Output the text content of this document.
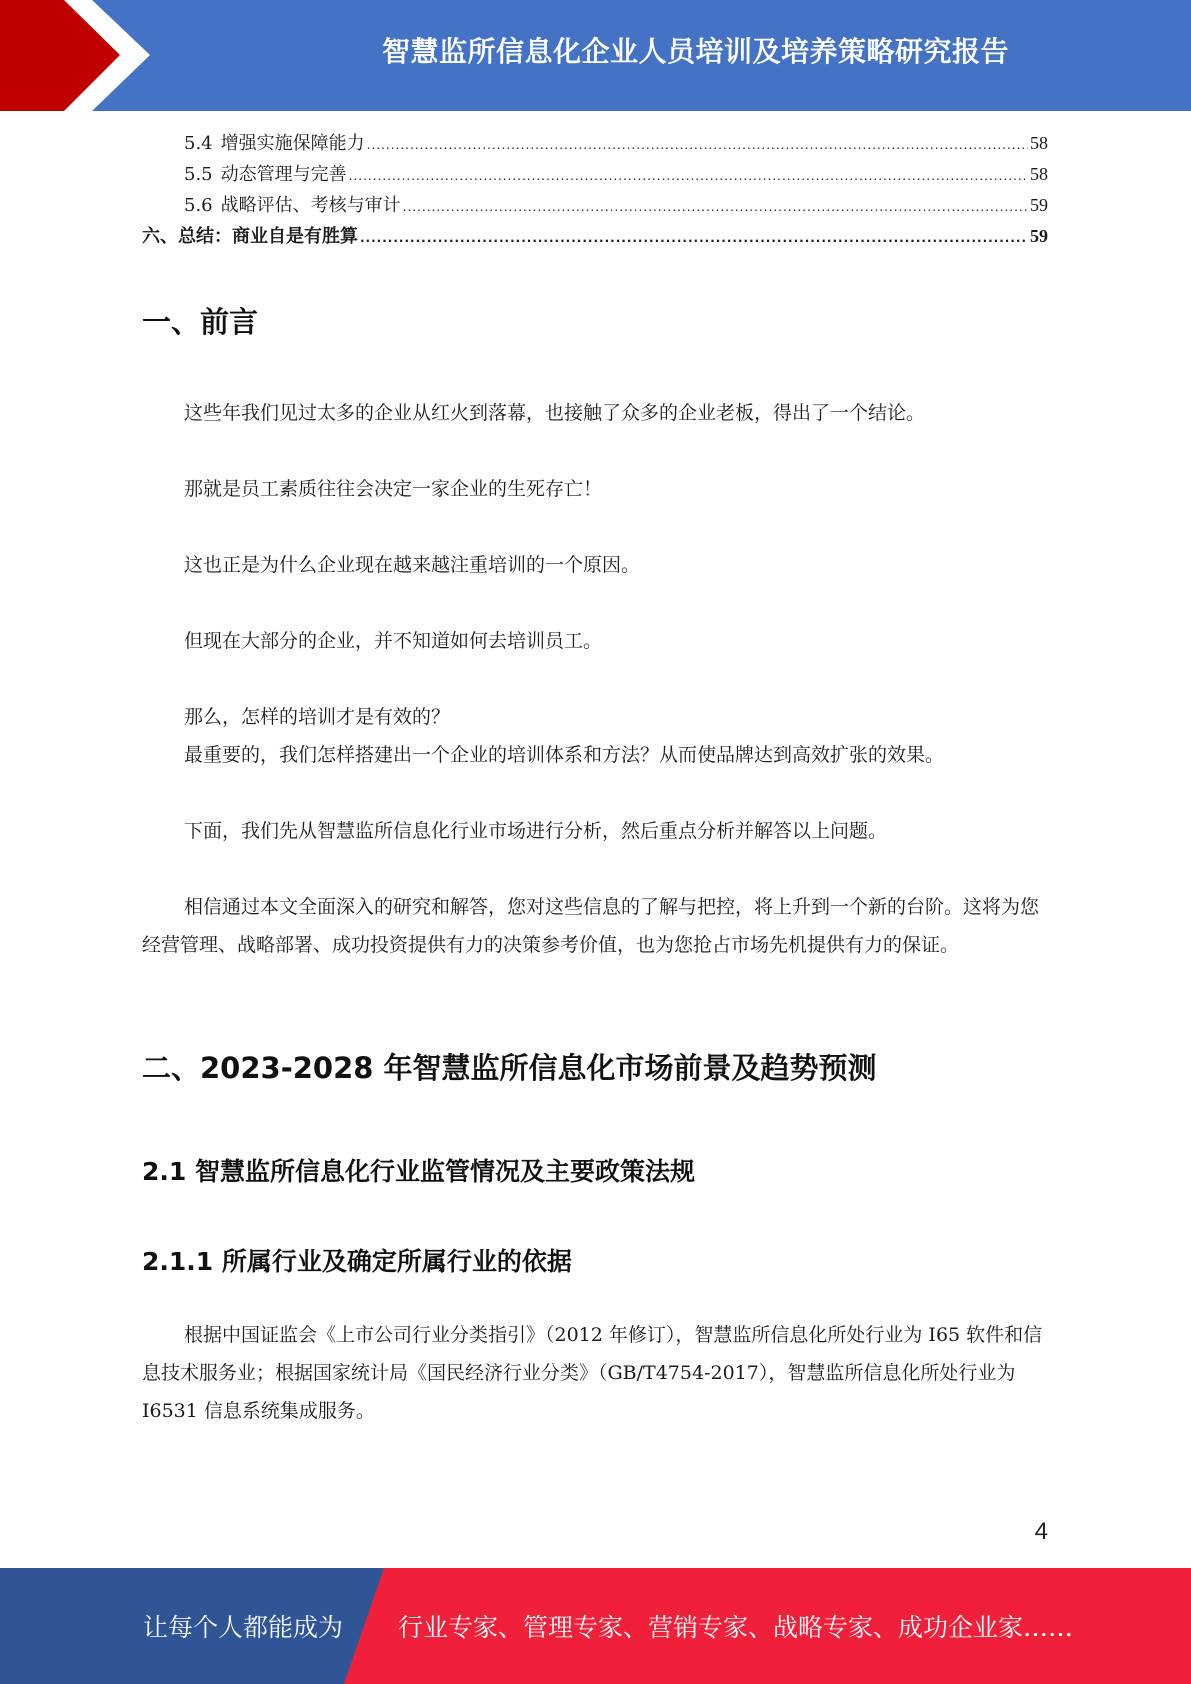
智慧监所信息化企业人员培训及培养策略研究报告
5.4 增强实施保障能力 .....	58
5.5 动态管理与完善 .....	58
5.6 战略评估、考核与审计 .....	59
六、总结：商业自是有胜算 .....	59
一、前言
这些年我们见过太多的企业从红火到落幕，也接触了众多的企业老板，得出了一个结论。
那就是员工素质往往会决定一家企业的生死存亡！
这也正是为什么企业现在越来越注重培训的一个原因。
但现在大部分的企业，并不知道如何去培训员工。
那么，怎样的培训才是有效的？
最重要的，我们怎样搭建出一个企业的培训体系和方法？从而使品牌达到高效扩张的效果。
下面，我们先从智慧监所信息化行业市场进行分析，然后重点分析并解答以上问题。
相信通过本文全面深入的研究和解答，您对这些信息的了解与把控，将上升到一个新的台阶。这将为您经营管理、战略部署、成功投资提供有力的决策参考价值，也为您抢占市场先机提供有力的保证。
二、2023-2028 年智慧监所信息化市场前景及趋势预测
2.1 智慧监所信息化行业监管情况及主要政策法规
2.1.1 所属行业及确定所属行业的依据
根据中国证监会《上市公司行业分类指引》（2012 年修订），智慧监所信息化所处行业为 I65 软件和信息技术服务业；根据国家统计局《国民经济行业分类》（GB/T4754-2017），智慧监所信息化所处行业为 I6531 信息系统集成服务。
4
让每个人都能成为 行业专家、管理专家、营销专家、战略专家、成功企业家……
